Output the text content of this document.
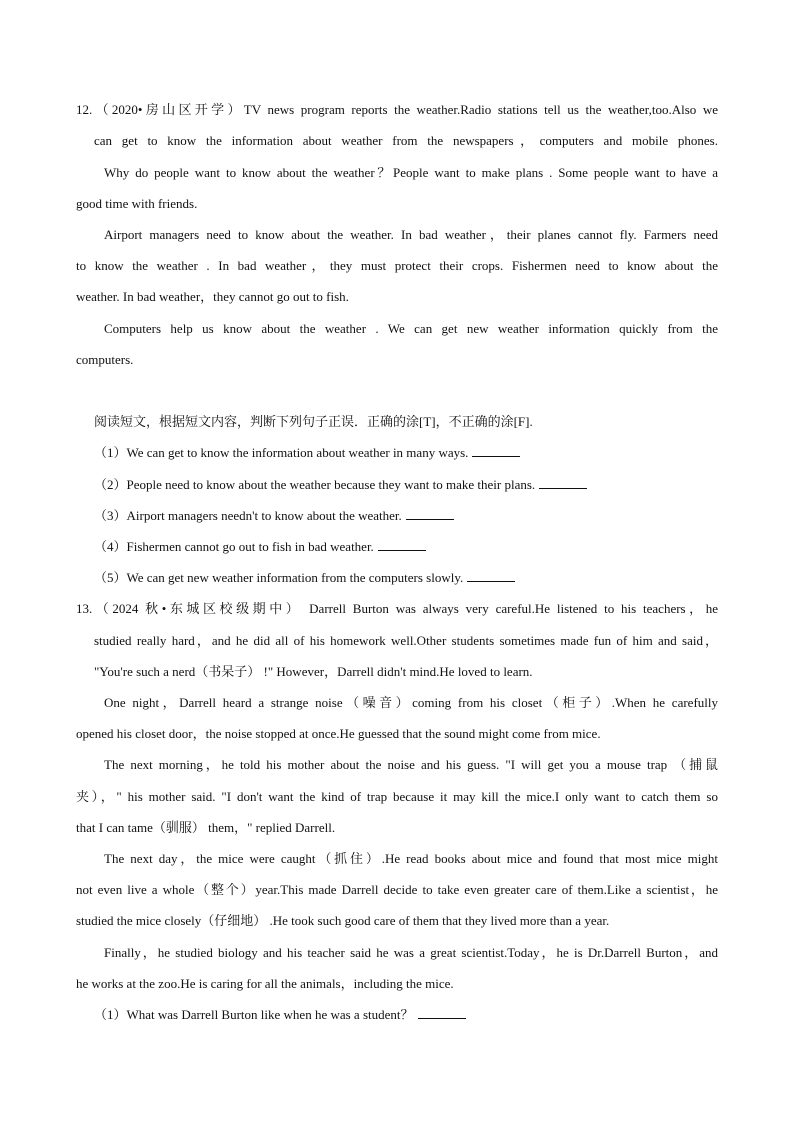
12.（2020•房山区开学）TV news program reports the weather.Radio stations tell us the weather,too.Also we
can get to know the information about weather from the newspapers，computers and mobile phones.
Why do people want to know about the weather？People want to make plans . Some people want to have a
good time with friends.
Airport managers need to know about the weather. In bad weather，their planes cannot fly. Farmers need
to know the weather . In bad weather，they must protect their crops. Fishermen need to know about the
weather. In bad weather，they cannot go out to fish.
Computers help us know about the weather . We can get new weather information quickly from the
computers.
阅读短文，根据短文内容，判断下列句子正误．正确的涂[T]，不正确的涂[F].
（1）We can get to know the information about weather in many ways.
（2）People need to know about the weather because they want to make their plans.
（3）Airport managers needn't to know about the weather.
（4）Fishermen cannot go out to fish in bad weather.
（5）We can get new weather information from the computers slowly.
13.（2024 秋•东城区校级期中） Darrell Burton was always very careful.He listened to his teachers，he
studied really hard，and he did all of his homework well.Other students sometimes made fun of him and said，
"You're such a nerd（书呆子） !" However，Darrell didn't mind.He loved to learn.
One night，Darrell heard a strange noise（噪音）coming from his closet（柜子）.When he carefully
opened his closet door，the noise stopped at once.He guessed that the sound might come from mice.
The next morning，he told his mother about the noise and his guess. "I will get you a mouse trap （捕鼠
夹），" his mother said. "I don't want the kind of trap because it may kill the mice.I only want to catch them so
that I can tame（驯服） them，" replied Darrell.
The next day，the mice were caught（抓住）.He read books about mice and found that most mice might
not even live a whole（整个）year.This made Darrell decide to take even greater care of them.Like a scientist，he
studied the mice closely（仔细地） .He took such good care of them that they lived more than a year.
Finally，he studied biology and his teacher said he was a great scientist.Today，he is Dr.Darrell Burton，and
he works at the zoo.He is caring for all the animals，including the mice.
（1）What was Darrell Burton like when he was a student？
